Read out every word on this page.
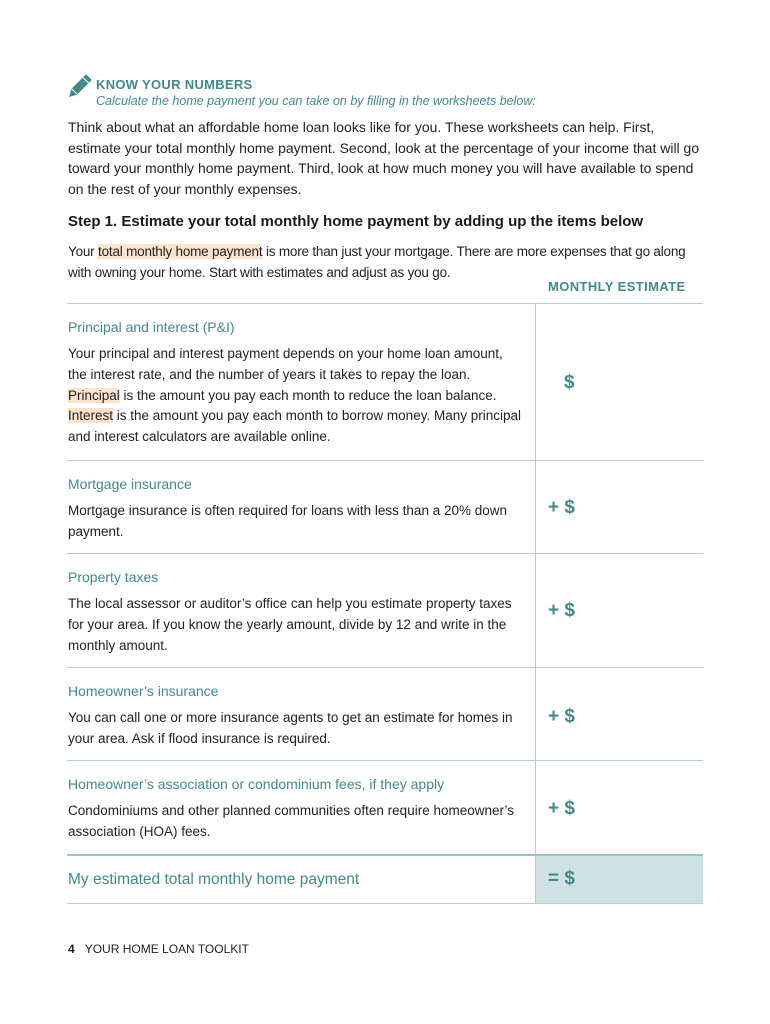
KNOW YOUR NUMBERS
Calculate the home payment you can take on by filling in the worksheets below:

Think about what an affordable home loan looks like for you. These worksheets can help. First, estimate your total monthly home payment. Second, look at the percentage of your income that will go toward your monthly home payment. Third, look at how much money you will have available to spend on the rest of your monthly expenses.

Step 1. Estimate your total monthly home payment by adding up the items below

Your total monthly home payment is more than just your mortgage. There are more expenses that go along with owning your home. Start with estimates and adjust as you go.

MONTHLY ESTIMATE
Principal and interest (P&I)

Your principal and interest payment depends on your home loan amount, the interest rate, and the number of years it takes to repay the loan. Principal is the amount you pay each month to reduce the loan balance. Interest is the amount you pay each month to borrow money. Many principal and interest calculators are available online.

$
Mortgage insurance

Mortgage insurance is often required for loans with less than a 20% down payment.

+ $
Property taxes

The local assessor or auditor’s office can help you estimate property taxes for your area. If you know the yearly amount, divide by 12 and write in the monthly amount.

+ $
Homeowner’s insurance

You can call one or more insurance agents to get an estimate for homes in your area. Ask if flood insurance is required.

+ $
Homeowner’s association or condominium fees, if they apply

Condominiums and other planned communities often require homeowner’s association (HOA) fees.

+ $
My estimated total monthly home payment	= $
4 YOUR HOME LOAN TOOLKIT
